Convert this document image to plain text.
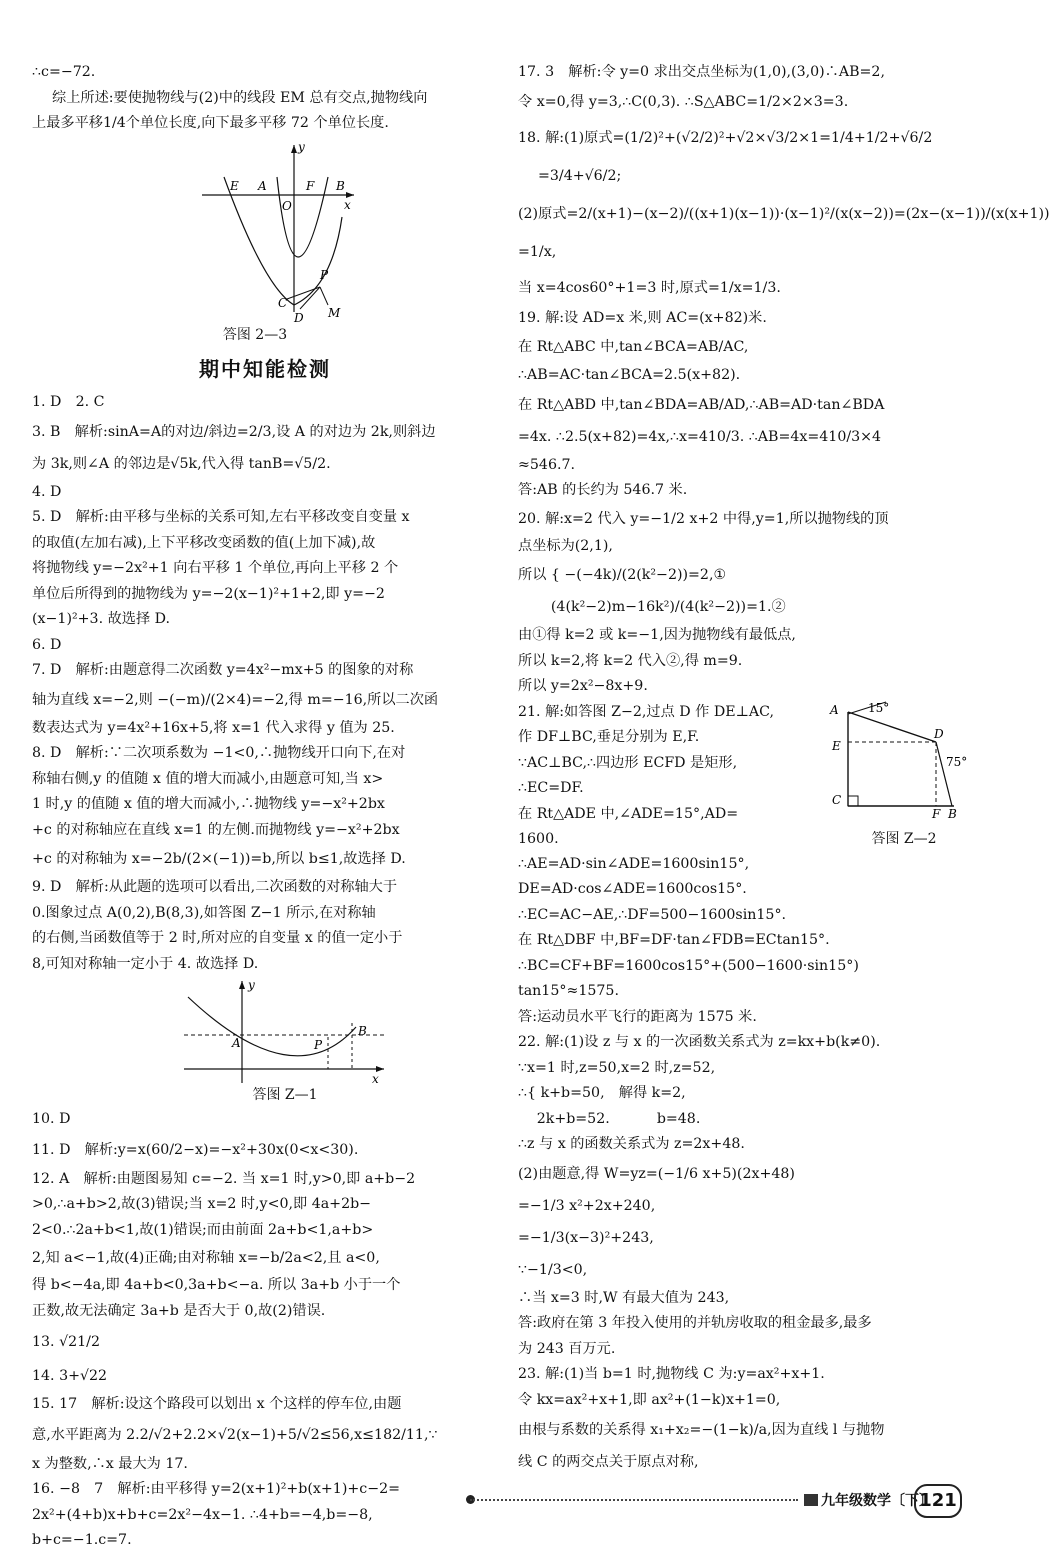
∴c=−72.
综上所述:要使抛物线与(2)中的线段 EM 总有交点,抛物线向
上最多平移1/4个单位长度,向下最多平移 72 个单位长度.
y
E A
O
F B
x
C
D
P
M
答图 2—3
期中知能检测
1. D　2. C
3. B　解析:sinA=A的对边/斜边=2/3,设 A 的对边为 2k,则斜边
为 3k,则∠A 的邻边是√5k,代入得 tanB=√5/2.
4. D
5. D　解析:由平移与坐标的关系可知,左右平移改变自变量 x
的取值(左加右减),上下平移改变函数的值(上加下减),故
将抛物线 y=−2x²+1 向右平移 1 个单位,再向上平移 2 个
单位后所得到的抛物线为 y=−2(x−1)²+1+2,即 y=−2
(x−1)²+3. 故选择 D.
6. D
7. D　解析:由题意得二次函数 y=4x²−mx+5 的图象的对称
轴为直线 x=−2,则 −(−m)/(2×4)=−2,得 m=−16,所以二次函
数表达式为 y=4x²+16x+5,将 x=1 代入求得 y 值为 25.
8. D　解析:∵二次项系数为 −1<0,∴抛物线开口向下,在对
称轴右侧,y 的值随 x 值的增大而减小,由题意可知,当 x>
1 时,y 的值随 x 值的增大而减小,∴抛物线 y=−x²+2bx
+c 的对称轴应在直线 x=1 的左侧.而抛物线 y=−x²+2bx
+c 的对称轴为 x=−2b/(2×(−1))=b,所以 b≤1,故选择 D.
9. D　解析:从此题的选项可以看出,二次函数的对称轴大于
0.图象过点 A(0,2),B(8,3),如答图 Z−1 所示,在对称轴
的右侧,当函数值等于 2 时,所对应的自变量 x 的值一定小于
8,可知对称轴一定小于 4. 故选择 D.
y
A	P
B
x
答图 Z—1
10. D
11. D　解析:y=x(60/2−x)=−x²+30x(0<x<30).
12. A　解析:由题图易知 c=−2. 当 x=1 时,y>0,即 a+b−2
>0,∴a+b>2,故(3)错误;当 x=2 时,y<0,即 4a+2b−
2<0.∴2a+b<1,故(1)错误;而由前面 2a+b<1,a+b>
2,知 a<−1,故(4)正确;由对称轴 x=−b/2a<2,且 a<0,
得 b<−4a,即 4a+b<0,3a+b<−a. 所以 3a+b 小于一个
正数,故无法确定 3a+b 是否大于 0,故(2)错误.
13. √21/2
14. 3+√22
15. 17　解析:设这个路段可以划出 x 个这样的停车位,由题
意,水平距离为 2.2/√2+2.2×√2(x−1)+5/√2≤56,x≤182/11,∵
x 为整数,∴x 最大为 17.
16. −8　7　解析:由平移得 y=2(x+1)²+b(x+1)+c−2=
2x²+(4+b)x+b+c=2x²−4x−1. ∴4+b=−4,b=−8,
b+c=−1.c=7.
17. 3　解析:令 y=0 求出交点坐标为(1,0),(3,0)∴AB=2,
令 x=0,得 y=3,∴C(0,3). ∴S△ABC=1/2×2×3=3.
18. 解:(1)原式=(1/2)²+(√2/2)²+√2×√3/2×1=1/4+1/2+√6/2
=3/4+√6/2;
(2)原式=2/(x+1)−(x−2)/((x+1)(x−1))·(x−1)²/(x(x−2))=(2x−(x−1))/(x(x+1))
=1/x,
当 x=4cos60°+1=3 时,原式=1/x=1/3.
19. 解:设 AD=x 米,则 AC=(x+82)米.
在 Rt△ABC 中,tan∠BCA=AB/AC,
∴AB=AC·tan∠BCA=2.5(x+82).
在 Rt△ABD 中,tan∠BDA=AB/AD,∴AB=AD·tan∠BDA
=4x. ∴2.5(x+82)=4x,∴x=410/3. ∴AB=4x=410/3×4
≈546.7.
答:AB 的长约为 546.7 米.
20. 解:x=2 代入 y=−1/2 x+2 中得,y=1,所以抛物线的顶
点坐标为(2,1),
所以 { −(−4k)/(2(k²−2))=2,①
　　 (4(k²−2)m−16k²)/(4(k²−2))=1.②
由①得 k=2 或 k=−1,因为抛物线有最低点,
所以 k=2,将 k=2 代入②,得 m=9.
所以 y=2x²−8x+9.
21. 解:如答图 Z−2,过点 D 作 DE⊥AC,
作 DF⊥BC,垂足分别为 E,F.
∵AC⊥BC,∴四边形 ECFD 是矩形,
∴EC=DF.
在 Rt△ADE 中,∠ADE=15°,AD=
1600.
A 15°
D
E
75°
C
F B
答图 Z—2
∴AE=AD·sin∠ADE=1600sin15°,
DE=AD·cos∠ADE=1600cos15°.
∴EC=AC−AE,∴DF=500−1600sin15°.
在 Rt△DBF 中,BF=DF·tan∠FDB=ECtan15°.
∴BC=CF+BF=1600cos15°+(500−1600·sin15°)
tan15°≈1575.
答:运动员水平飞行的距离为 1575 米.
22. 解:(1)设 z 与 x 的一次函数关系式为 z=kx+b(k≠0).
∵x=1 时,z=50,x=2 时,z=52,
∴{ k+b=50,　解得 k=2,
　 2k+b=52.　　　 b=48.
∴z 与 x 的函数关系式为 z=2x+48.
(2)由题意,得 W=yz=(−1/6 x+5)(2x+48)
=−1/3 x²+2x+240,
=−1/3(x−3)²+243,
∵−1/3<0,
∴当 x=3 时,W 有最大值为 243,
答:政府在第 3 年投入使用的并轨房收取的租金最多,最多
为 243 百万元.
23. 解:(1)当 b=1 时,抛物线 C 为:y=ax²+x+1.
令 kx=ax²+x+1,即 ax²+(1−k)x+1=0,
由根与系数的关系得 x₁+x₂=−(1−k)/a,因为直线 l 与抛物
线 C 的两交点关于原点对称,
九年级数学〔下〕
121
